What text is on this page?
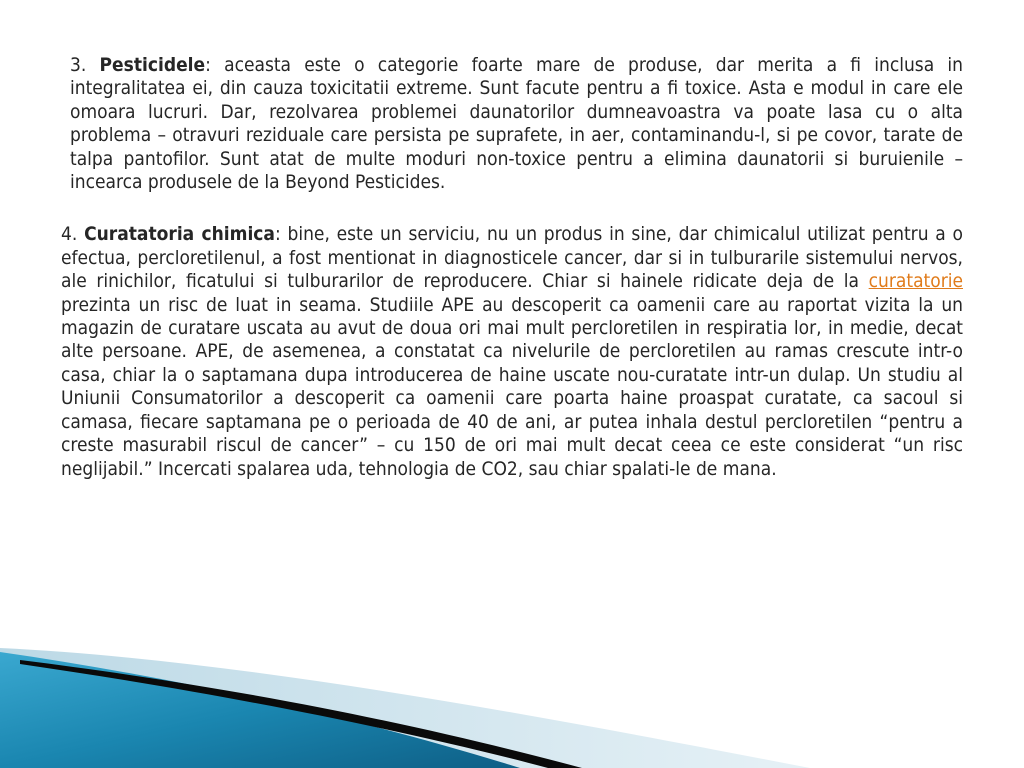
3. Pesticidele: aceasta este o categorie foarte mare de produse, dar merita a fi inclusa in integralitatea ei, din cauza toxicitatii extreme. Sunt facute pentru a fi toxice. Asta e modul in care ele omoara lucruri. Dar, rezolvarea problemei daunatorilor dumneavoastra va poate lasa cu o alta problema – otravuri reziduale care persista pe suprafete, in aer, contaminandu-l, si pe covor, tarate de talpa pantofilor. Sunt atat de multe moduri non-toxice pentru a elimina daunatorii si buruienile – incearca produsele de la Beyond Pesticides.

4. Curatatoria chimica: bine, este un serviciu, nu un produs in sine, dar chimicalul utilizat pentru a o efectua, percloretilenul, a fost mentionat in diagnosticele cancer, dar si in tulburarile sistemului nervos, ale rinichilor, ficatului si tulburarilor de reproducere. Chiar si hainele ridicate deja de la curatatorie prezinta un risc de luat in seama. Studiile APE au descoperit ca oamenii care au raportat vizita la un magazin de curatare uscata au avut de doua ori mai mult percloretilen in respiratia lor, in medie, decat alte persoane. APE, de asemenea, a constatat ca nivelurile de percloretilen au ramas crescute intr-o casa, chiar la o saptamana dupa introducerea de haine uscate nou-curatate intr-un dulap. Un studiu al Uniunii Consumatorilor a descoperit ca oamenii care poarta haine proaspat curatate, ca sacoul si camasa, fiecare saptamana pe o perioada de 40 de ani, ar putea inhala destul percloretilen “pentru a creste masurabil riscul de cancer” – cu 150 de ori mai mult decat ceea ce este considerat “un risc neglijabil.” Incercati spalarea uda, tehnologia de CO2, sau chiar spalati-le de mana.
